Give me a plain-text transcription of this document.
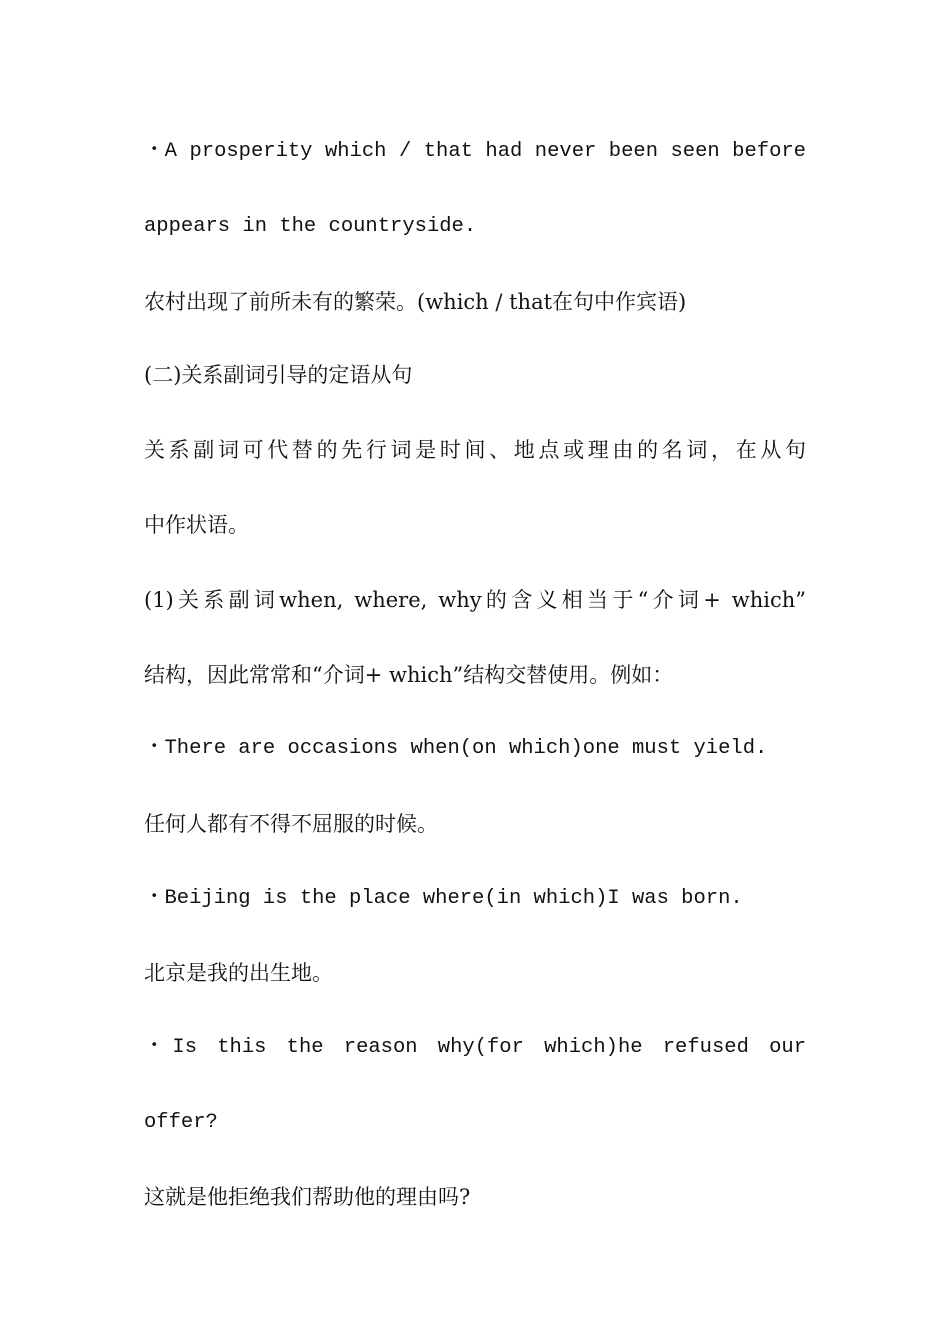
・A prosperity which / that had never been seen before
appears in the countryside.
农村出现了前所未有的繁荣。(which / that在句中作宾语)
(二)关系副词引导的定语从句
关系副词可代替的先行词是时间、地点或理由的名词，在从句
中作状语。
(1)关系副词when, where, why的含义相当于“介词+ which”
结构，因此常常和“介词+ which”结构交替使用。例如：
・There are occasions when(on which)one must yield.
任何人都有不得不屈服的时候。
・Beijing is the place where(in which)I was born.
北京是我的出生地。
・Is this the reason why(for which)he refused our
offer?
这就是他拒绝我们帮助他的理由吗?
